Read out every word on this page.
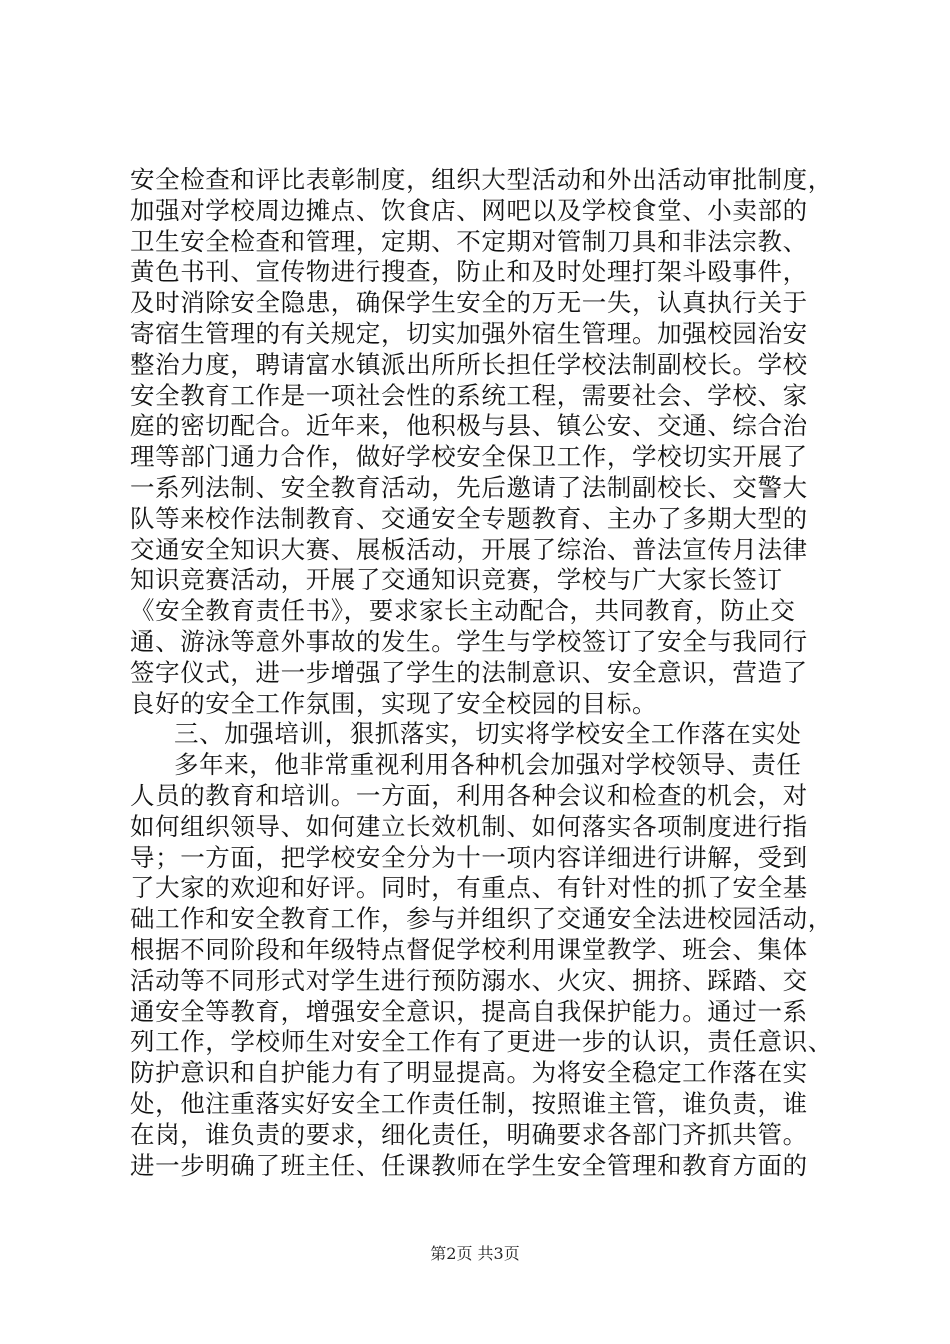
安全检查和评比表彰制度，组织大型活动和外出活动审批制度，
加强对学校周边摊点、饮食店、网吧以及学校食堂、小卖部的
卫生安全检查和管理，定期、不定期对管制刀具和非法宗教、
黄色书刊、宣传物进行搜查，防止和及时处理打架斗殴事件，
及时消除安全隐患，确保学生安全的万无一失，认真执行关于
寄宿生管理的有关规定，切实加强外宿生管理。加强校园治安
整治力度，聘请富水镇派出所所长担任学校法制副校长。学校
安全教育工作是一项社会性的系统工程，需要社会、学校、家
庭的密切配合。近年来，他积极与县、镇公安、交通、综合治
理等部门通力合作，做好学校安全保卫工作，学校切实开展了
一系列法制、安全教育活动，先后邀请了法制副校长、交警大
队等来校作法制教育、交通安全专题教育、主办了多期大型的
交通安全知识大赛、展板活动，开展了综治、普法宣传月法律
知识竞赛活动，开展了交通知识竞赛，学校与广大家长签订
《安全教育责任书》，要求家长主动配合，共同教育，防止交
通、游泳等意外事故的发生。学生与学校签订了安全与我同行
签字仪式，进一步增强了学生的法制意识、安全意识，营造了
良好的安全工作氛围，实现了安全校园的目标。
三、加强培训，狠抓落实，切实将学校安全工作落在实处
多年来，他非常重视利用各种机会加强对学校领导、责任
人员的教育和培训。一方面，利用各种会议和检查的机会，对
如何组织领导、如何建立长效机制、如何落实各项制度进行指
导；一方面，把学校安全分为十一项内容详细进行讲解，受到
了大家的欢迎和好评。同时，有重点、有针对性的抓了安全基
础工作和安全教育工作，参与并组织了交通安全法进校园活动，
根据不同阶段和年级特点督促学校利用课堂教学、班会、集体
活动等不同形式对学生进行预防溺水、火灾、拥挤、踩踏、交
通安全等教育，增强安全意识，提高自我保护能力。通过一系
列工作，学校师生对安全工作有了更进一步的认识，责任意识、
防护意识和自护能力有了明显提高。为将安全稳定工作落在实
处，他注重落实好安全工作责任制，按照谁主管，谁负责，谁
在岗，谁负责的要求，细化责任，明确要求各部门齐抓共管。
进一步明确了班主任、任课教师在学生安全管理和教育方面的
第2页 共3页
